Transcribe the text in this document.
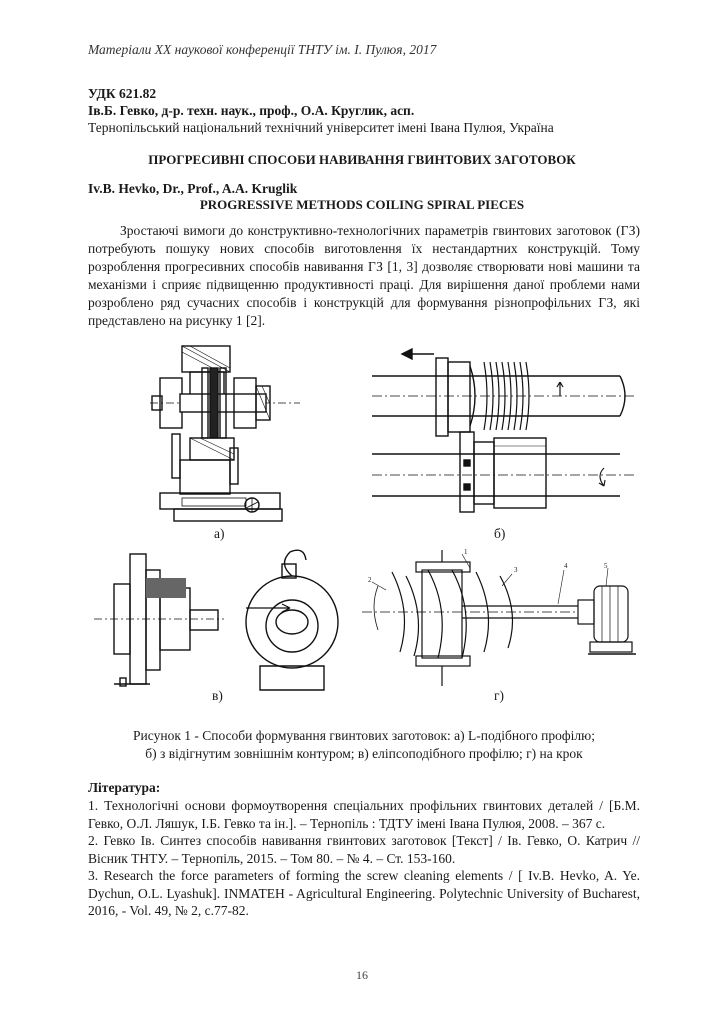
Матеріали XX наукової конференції ТНТУ ім. І. Пулюя, 2017
УДК 621.82
Ів.Б. Гевко, д-р. техн. наук., проф., О.А. Круглик, асп.
Тернопільський національний технічний університет імені Івана Пулюя, Україна
ПРОГРЕСИВНІ СПОСОБИ НАВИВАННЯ ГВИНТОВИХ ЗАГОТОВОК
Iv.B. Hevko, Dr., Prof., A.A. Kruglik
PROGRESSIVE METHODS COILING SPIRAL PIECES

Зростаючі вимоги до конструктивно-технологічних параметрів гвинтових заготовок (ГЗ) потребують пошуку нових способів виготовлення їх нестандартних конструкцій. Тому розроблення прогресивних способів навивання ГЗ [1, 3] дозволяє створювати нові машини та механізми і сприяє підвищенню продуктивності праці. Для вирішення даної проблеми нами розроблено ряд сучасних способів і конструкцій для формування різнопрофільних ГЗ, які представлено на рисунку 1 [2].

а)	б)
1
2
3	4	5
в)	г)
Рисунок 1 - Способи формування гвинтових заготовок: а) L-подібного профілю;
б) з відігнутим зовнішнім контуром; в) еліпсоподібного профілю; г) на крок
Література:

1. Технологічні основи формоутворення спеціальних профільних гвинтових деталей / [Б.М. Гевко, О.Л. Ляшук, І.Б. Гевко та ін.]. – Тернопіль : ТДТУ імені Івана Пулюя, 2008. – 367 с.

2. Гевко Ів. Синтез способів навивання гвинтових заготовок [Текст] / Ів. Гевко, О. Катрич // Вісник ТНТУ. – Тернопіль, 2015. – Том 80. – № 4. – Ст. 153-160.

3. Research the force parameters of forming the screw cleaning elements / [ Iv.B. Hevko, A. Ye. Dychun, O.L. Lyashuk]. INMATEH - Agricultural Engineering. Polytechnic University of Bucharest, 2016, - Vol. 49, № 2, c.77-82.

16
